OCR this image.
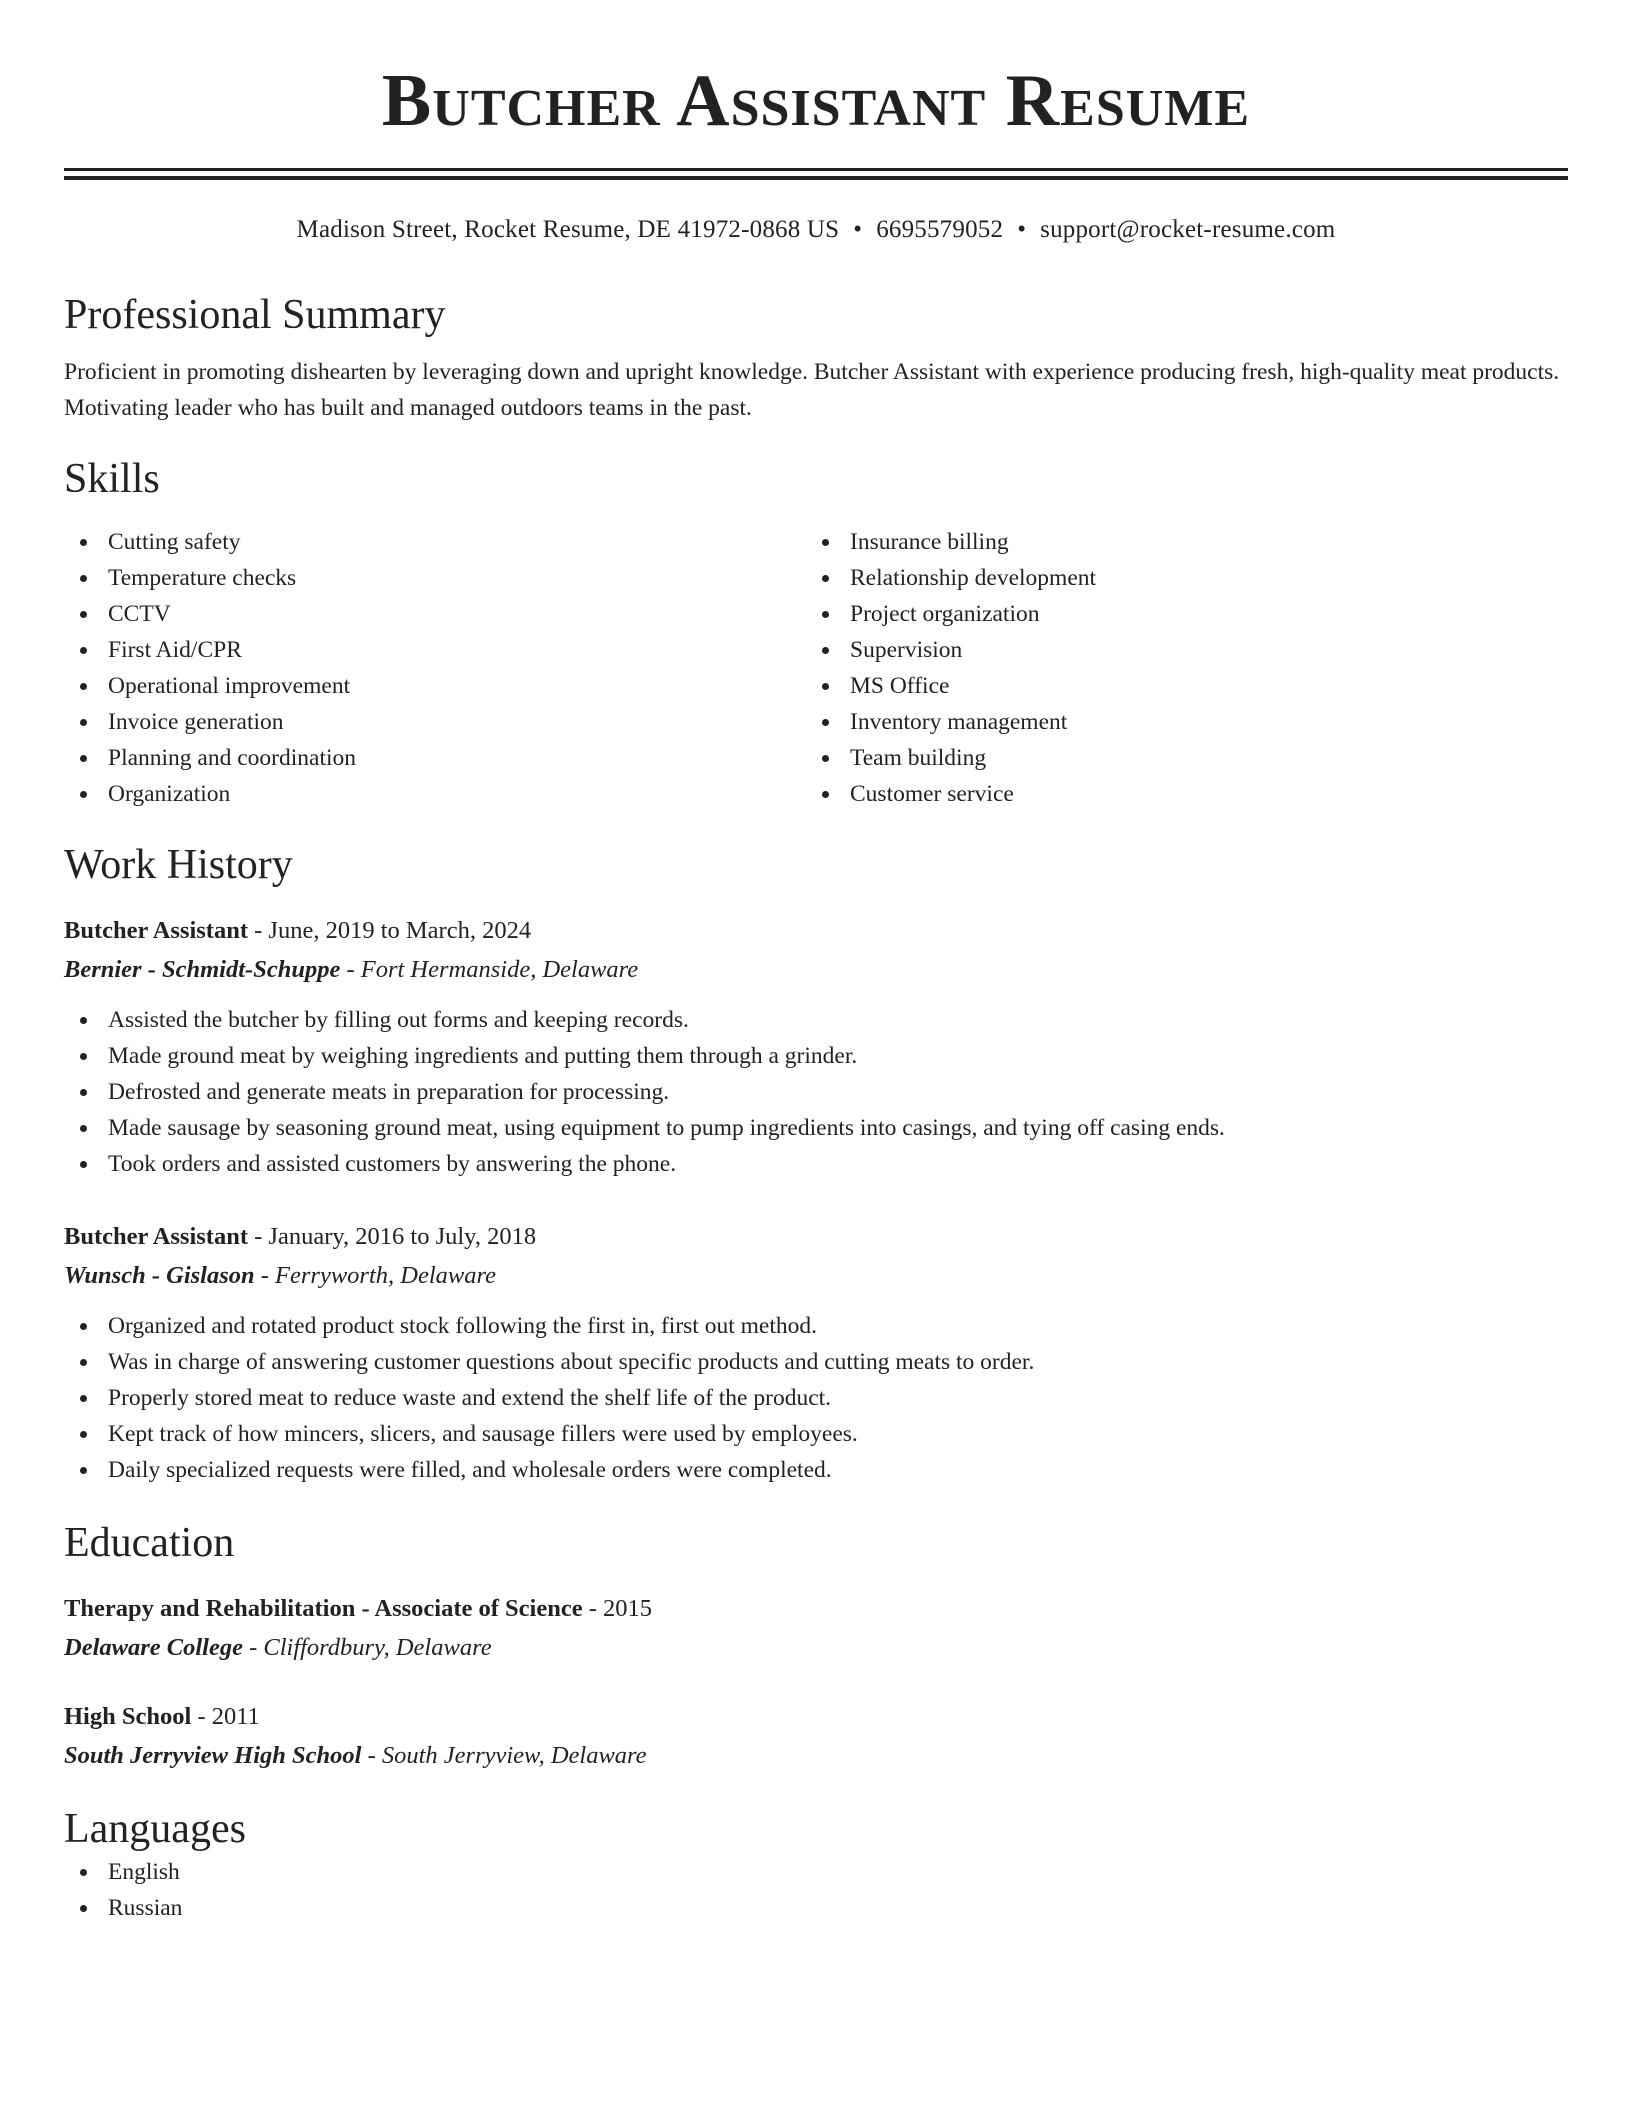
Butcher Assistant Resume
Madison Street, Rocket Resume, DE 41972-0868 US • 6695579052 • support@rocket-resume.com
Professional Summary

Proficient in promoting dishearten by leveraging down and upright knowledge. Butcher Assistant with experience producing fresh, high-quality meat products. Motivating leader who has built and managed outdoors teams in the past.

Skills
Cutting safety
Temperature checks
CCTV
First Aid/CPR
Operational improvement
Invoice generation
Planning and coordination
Organization
Insurance billing
Relationship development
Project organization
Supervision
MS Office
Inventory management
Team building
Customer service
Work History
Butcher Assistant - June, 2019 to March, 2024
Bernier - Schmidt-Schuppe - Fort Hermanside, Delaware
Assisted the butcher by filling out forms and keeping records.
Made ground meat by weighing ingredients and putting them through a grinder.
Defrosted and generate meats in preparation for processing.
Made sausage by seasoning ground meat, using equipment to pump ingredients into casings, and tying off casing ends.
Took orders and assisted customers by answering the phone.
Butcher Assistant - January, 2016 to July, 2018
Wunsch - Gislason - Ferryworth, Delaware
Organized and rotated product stock following the first in, first out method.
Was in charge of answering customer questions about specific products and cutting meats to order.
Properly stored meat to reduce waste and extend the shelf life of the product.
Kept track of how mincers, slicers, and sausage fillers were used by employees.
Daily specialized requests were filled, and wholesale orders were completed.
Education
Therapy and Rehabilitation - Associate of Science - 2015
Delaware College - Cliffordbury, Delaware
High School - 2011
South Jerryview High School - South Jerryview, Delaware
Languages
English
Russian
